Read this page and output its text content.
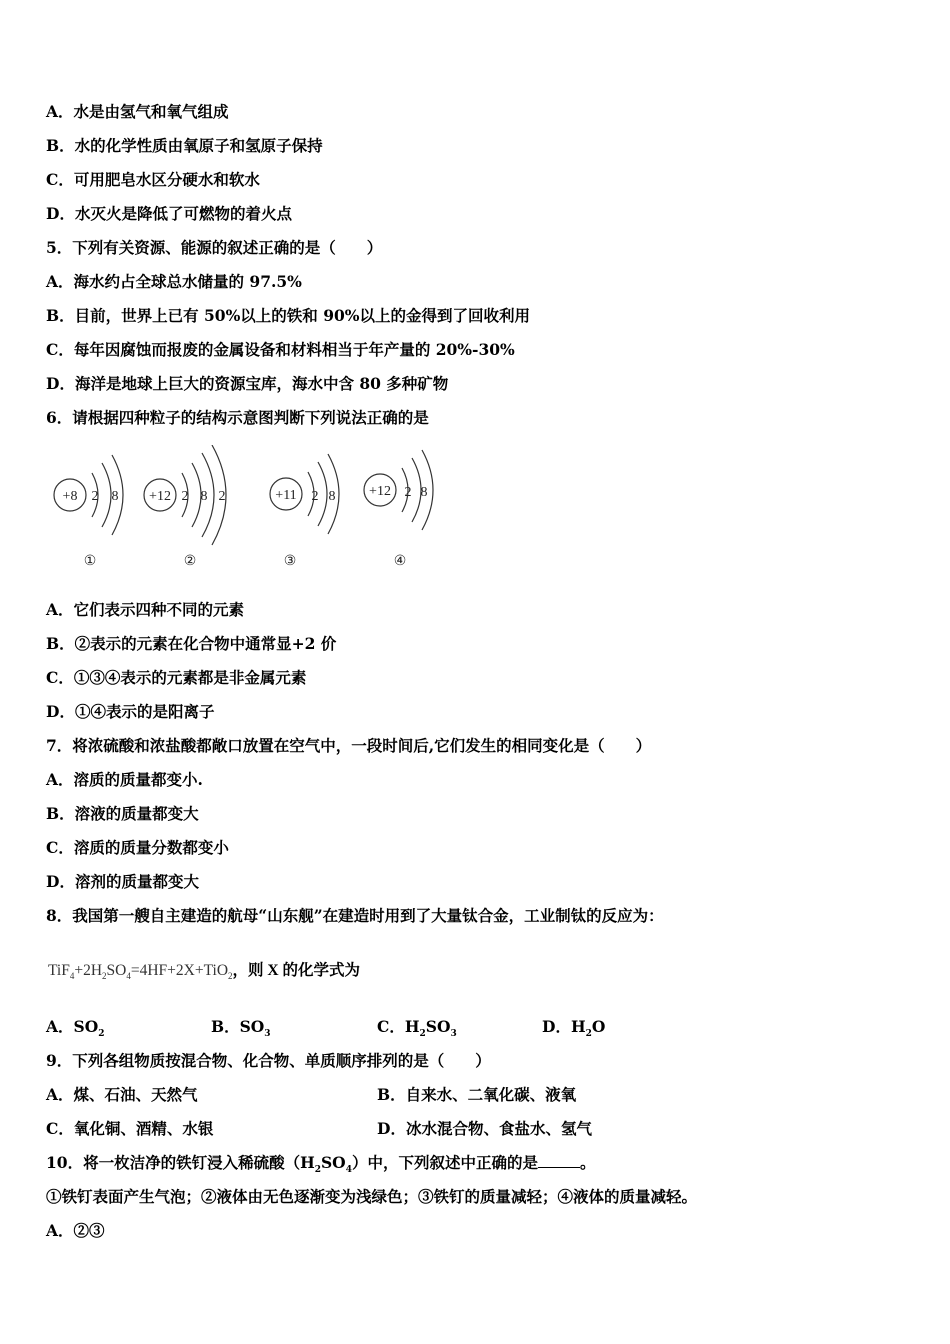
A．水是由氢气和氧气组成
B．水的化学性质由氧原子和氢原子保持
C．可用肥皂水区分硬水和软水
D．水灭火是降低了可燃物的着火点
5．下列有关资源、能源的叙述正确的是（　　）
A．海水约占全球总水储量的 97.5%
B．目前，世界上已有 50%以上的铁和 90%以上的金得到了回收利用
C．每年因腐蚀而报废的金属设备和材料相当于年产量的 20%-30%
D．海洋是地球上巨大的资源宝库，海水中含 80 多种矿物
6．请根据四种粒子的结构示意图判断下列说法正确的是
+8 2 8
①
+12 2 8 2
②
+11 2 8
③
+12 2 8
④
A．它们表示四种不同的元素
B．②表示的元素在化合物中通常显+2 价
C．①③④表示的元素都是非金属元素
D．①④表示的是阳离子
7．将浓硫酸和浓盐酸都敞口放置在空气中，一段时间后,它们发生的相同变化是（　　）
A．溶质的质量都变小.
B．溶液的质量都变大
C．溶质的质量分数都变小
D．溶剂的质量都变大
8．我国第一艘自主建造的航母“山东舰”在建造时用到了大量钛合金，工业制钛的反应为：
$TiF_4+2H_2SO_4=4HF+2X+TiO_2$，则 X 的化学式为
A．$SO_2$	B．$SO_3$	C．$H_2SO_3$	D．$H_2O$
9．下列各组物质按混合物、化合物、单质顺序排列的是（　　）
A．煤、石油、天然气	B．自来水、二氧化碳、液氧
C．氧化铜、酒精、水银	D．冰水混合物、食盐水、氢气
10．将一枚洁净的铁钉浸入稀硫酸$(H_2SO_4)$中，下列叙述中正确的是	。
①铁钉表面产生气泡；②液体由无色逐渐变为浅绿色；③铁钉的质量减轻；④液体的质量减轻。
A．②③
